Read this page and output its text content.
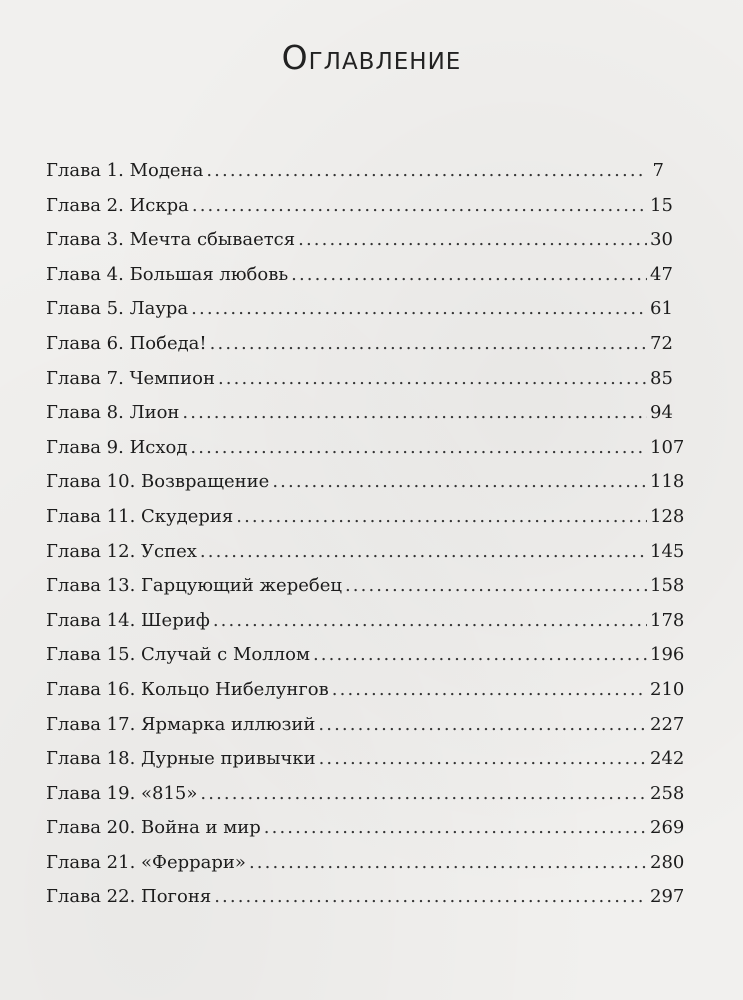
Оглавление
Глава 1. Модена . . .	7
Глава 2. Искра . . .	15
Глава 3. Мечта сбывается . . .	30
Глава 4. Большая любовь . . .	47
Глава 5. Лаура . . .	61
Глава 6. Победа! . . .	72
Глава 7. Чемпион . . .	85
Глава 8. Лион . . .	94
Глава 9. Исход . . .	107
Глава 10. Возвращение . . .	118
Глава 11. Скудерия . . .	128
Глава 12. Успех . . .	145
Глава 13. Гарцующий жеребец . . .	158
Глава 14. Шериф . . .	178
Глава 15. Случай с Моллом . . .	196
Глава 16. Кольцо Нибелунгов . . .	210
Глава 17. Ярмарка иллюзий . . .	227
Глава 18. Дурные привычки . . .	242
Глава 19. «815» . . .	258
Глава 20. Война и мир . . .	269
Глава 21. «Феррари» . . .	280
Глава 22. Погоня . . .	297
